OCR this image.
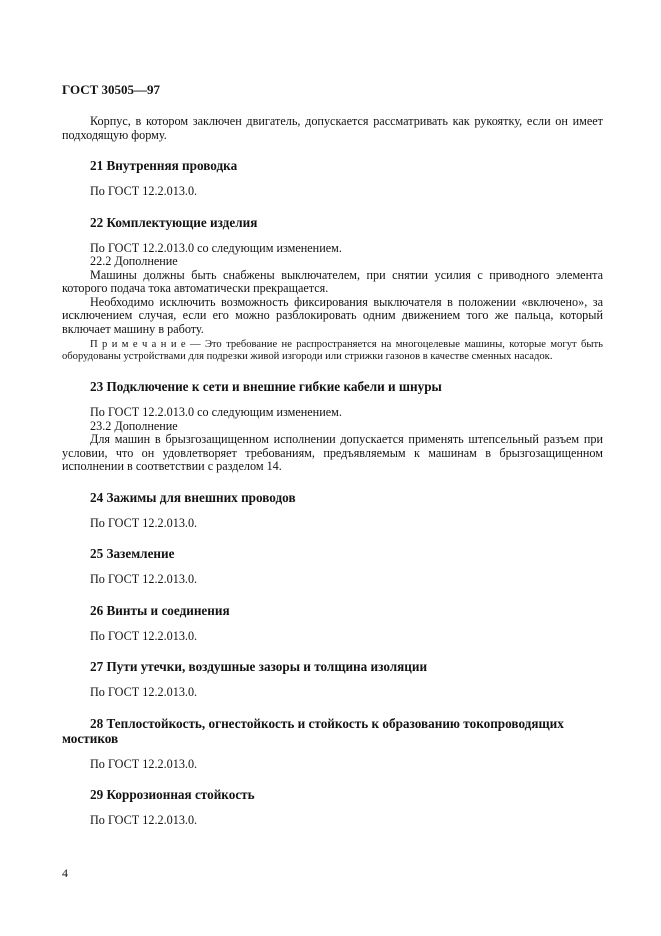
ГОСТ 30505—97

Корпус, в котором заключен двигатель, допускается рассматривать как рукоятку, если он имеет подходящую форму.

21 Внутренняя проводка

По ГОСТ 12.2.013.0.

22 Комплектующие изделия

По ГОСТ 12.2.013.0 со следующим изменением.

22.2 Дополнение

Машины должны быть снабжены выключателем, при снятии усилия с приводного элемента которого подача тока автоматически прекращается.

Необходимо исключить возможность фиксирования выключателя в положении «включено», за исключением случая, если его можно разблокировать одним движением того же пальца, который включает машину в работу.

П р и м е ч а н и е — Это требование не распространяется на многоцелевые машины, которые могут быть оборудованы устройствами для подрезки живой изгороди или стрижки газонов в качестве сменных насадок.

23 Подключение к сети и внешние гибкие кабели и шнуры

По ГОСТ 12.2.013.0 со следующим изменением.

23.2 Дополнение

Для машин в брызгозащищенном исполнении допускается применять штепсельный разъем при условии, что он удовлетворяет требованиям, предъявляемым к машинам в брызгозащищенном исполнении в соответствии с разделом 14.

24 Зажимы для внешних проводов

По ГОСТ 12.2.013.0.

25 Заземление

По ГОСТ 12.2.013.0.

26 Винты и соединения

По ГОСТ 12.2.013.0.

27 Пути утечки, воздушные зазоры и толщина изоляции

По ГОСТ 12.2.013.0.

28 Теплостойкость, огнестойкость и стойкость к образованию токопроводящих мостиков

По ГОСТ 12.2.013.0.

29 Коррозионная стойкость

По ГОСТ 12.2.013.0.

4
